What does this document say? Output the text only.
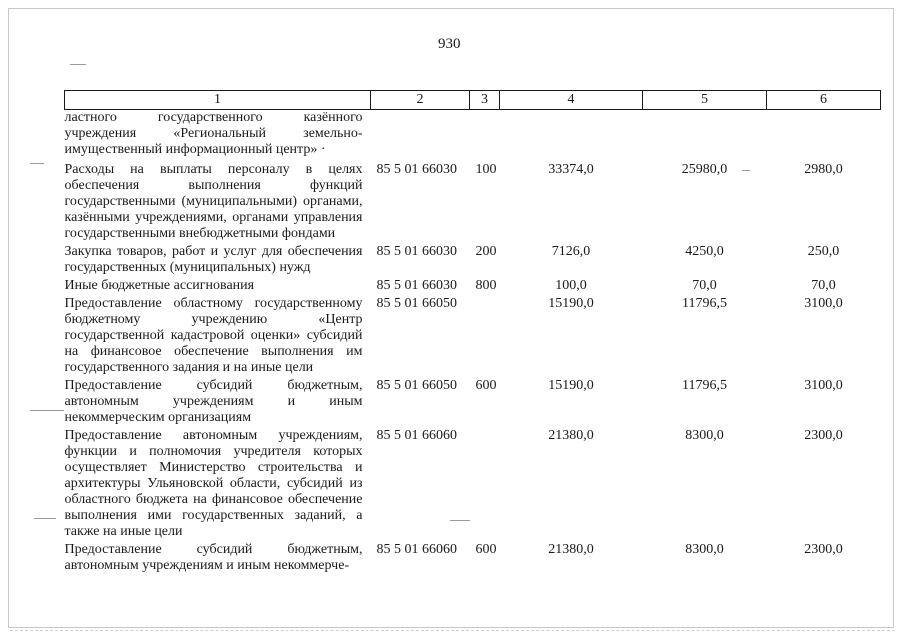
930
1	2	3	4	5	6
ластного государственного казённого учреждения «Региональный земельно-имущественный информационный центр» ·					
Расходы на выплаты персоналу в целях обеспечения выполнения функций государственными (муниципальными) органами, казёнными учреждениями, органами управления государственными внебюджетными фондами	85 5 01 66030	100	33374,0	25980,0	2980,0
Закупка товаров, работ и услуг для обеспечения государственных (муниципальных) нужд	85 5 01 66030	200	7126,0	4250,0	250,0
Иные бюджетные ассигнования	85 5 01 66030	800	100,0	70,0	70,0
Предоставление областному государственному бюджетному учреждению «Центр государственной кадастровой оценки» субсидий на финансовое обеспечение выполнения им государственного задания и на иные цели	85 5 01 66050		15190,0	11796,5	3100,0
Предоставление субсидий бюджетным, автономным учреждениям и иным некоммерческим организациям	85 5 01 66050	600	15190,0	11796,5	3100,0
Предоставление автономным учреждениям, функции и полномочия учредителя которых осуществляет Министерство строительства и архитектуры Ульяновской области, субсидий из областного бюджета на финансовое обеспечение выполнения ими государственных заданий, а также на иные цели	85 5 01 66060		21380,0	8300,0	2300,0
Предоставление субсидий бюджетным, автономным учреждениям и иным некоммерче-	85 5 01 66060	600	21380,0	8300,0	2300,0
